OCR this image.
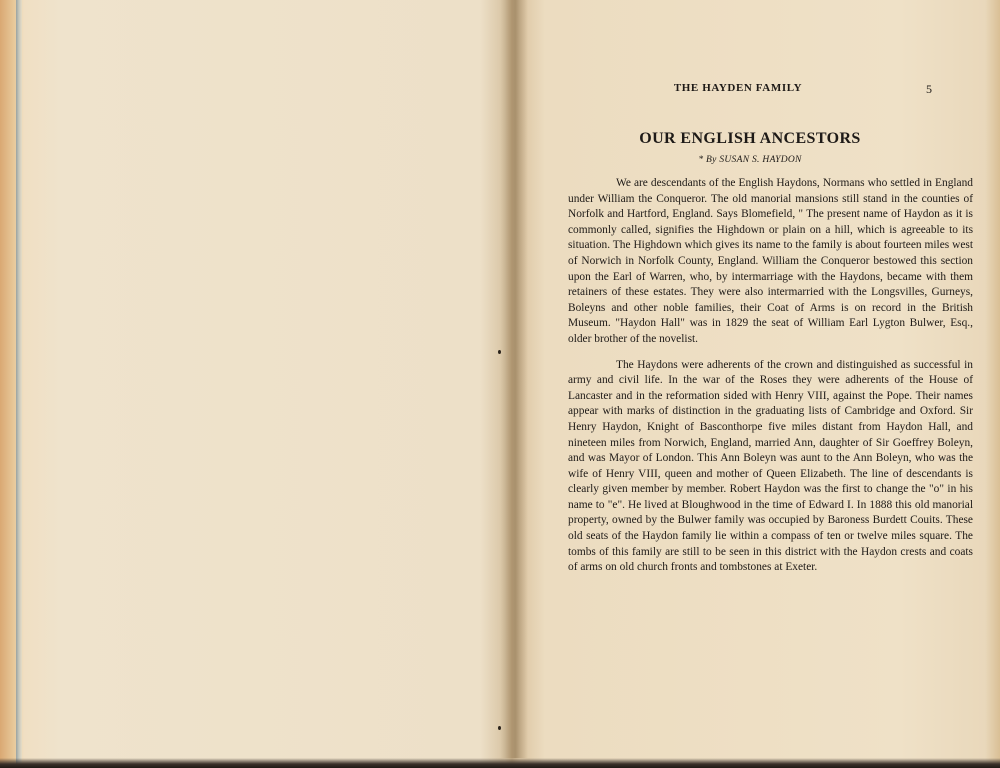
THE HAYDEN FAMILY	5
OUR ENGLISH ANCESTORS
* By SUSAN S. HAYDON

We are descendants of the English Haydons, Normans who settled in England under William the Conqueror. The old manorial mansions still stand in the counties of Norfolk and Hartford, England. Says Blomefield, " The present name of Haydon as it is commonly called, signifies the Highdown or plain on a hill, which is agreeable to its situation. The Highdown which gives its name to the family is about fourteen miles west of Norwich in Norfolk County, England. William the Conqueror bestowed this section upon the Earl of Warren, who, by intermarriage with the Haydons, became with them retainers of these estates. They were also intermarried with the Longsvilles, Gurneys, Boleyns and other noble families, their Coat of Arms is on record in the British Museum. "Haydon Hall" was in 1829 the seat of William Earl Lygton Bulwer, Esq., older brother of the novelist.

The Haydons were adherents of the crown and distinguished as successful in army and civil life. In the war of the Roses they were adherents of the House of Lancaster and in the reformation sided with Henry VIII, against the Pope. Their names appear with marks of distinction in the graduating lists of Cambridge and Oxford. Sir Henry Haydon, Knight of Basconthorpe five miles distant from Haydon Hall, and nineteen miles from Norwich, England, married Ann, daughter of Sir Goeffrey Boleyn, and was Mayor of London. This Ann Boleyn was aunt to the Ann Boleyn, who was the wife of Henry VIII, queen and mother of Queen Elizabeth. The line of descendants is clearly given member by member. Robert Haydon was the first to change the "o" in his name to "e". He lived at Bloughwood in the time of Edward I. In 1888 this old manorial property, owned by the Bulwer family was occupied by Baroness Burdett Couits. These old seats of the Haydon family lie within a compass of ten or twelve miles square. The tombs of this family are still to be seen in this district with the Haydon crests and coats of arms on old church fronts and tombstones at Exeter.
